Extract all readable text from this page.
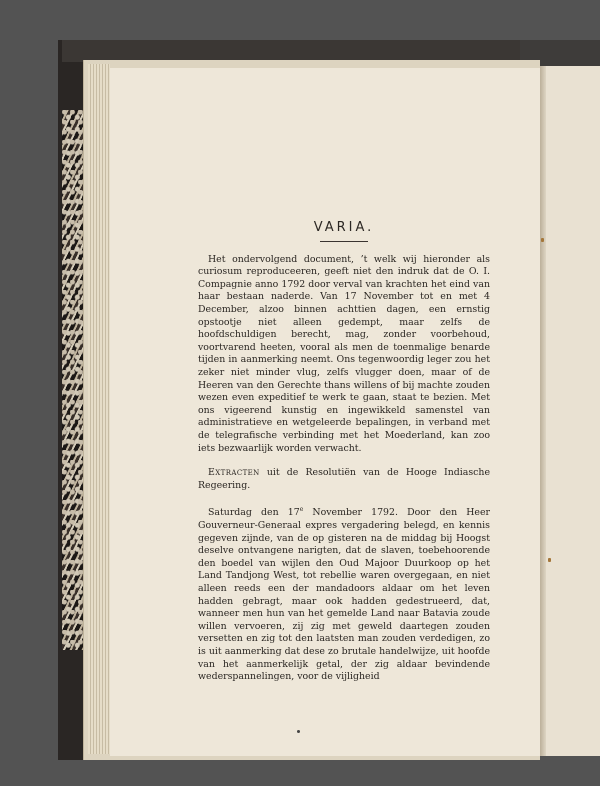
VARIA.

Het ondervolgend document, ’t welk wij hieronder als curiosum reproduceeren, geeft niet den indruk dat de O. I. Compagnie anno 1792 door verval van krachten het eind van haar bestaan naderde. Van 17 November tot en met 4 December, alzoo binnen achttien dagen, een ernstig opstootje niet alleen gedempt, maar zelfs de hoofdschuldigen berecht, mag, zonder voorbehoud, voortvarend heeten, vooral als men de toenmalige benarde tijden in aanmerking neemt. Ons tegenwoordig leger zou het zeker niet minder vlug, zelfs vlugger doen, maar of de Heeren van den Gerechte thans willens of bij machte zouden wezen even expeditief te werk te gaan, staat te bezien. Met ons vigeerend kunstig en ingewikkeld samenstel van administratieve en wetgeleerde bepalingen, in verband met de telegrafische verbinding met het Moederland, kan zoo iets bezwaarlijk worden verwacht.

Extracten uit de Resolutiën van de Hooge Indiasche Regeering.

Saturdag den 17e November 1792. Door den Heer Gouverneur-Generaal expres vergadering belegd, en kennis gegeven zijnde, van de op gisteren na de middag bij Hoogst deselve ontvangene narigten, dat de slaven, toebehoorende den boedel van wijlen den Oud Majoor Duurkoop op het Land Tandjong West, tot rebellie waren overgegaan, en niet alleen reeds een der mandadoors aldaar om het leven hadden gebragt, maar ook hadden gedestrueerd, dat, wanneer men hun van het gemelde Land naar Batavia zoude willen vervoeren, zij zig met geweld daartegen zouden versetten en zig tot den laatsten man zouden verdedigen, zo is uit aanmerking dat dese zo brutale handelwijze, uit hoofde van het aanmerkelijk getal, der zig aldaar bevindende wederspannelingen, voor de vijligheid
